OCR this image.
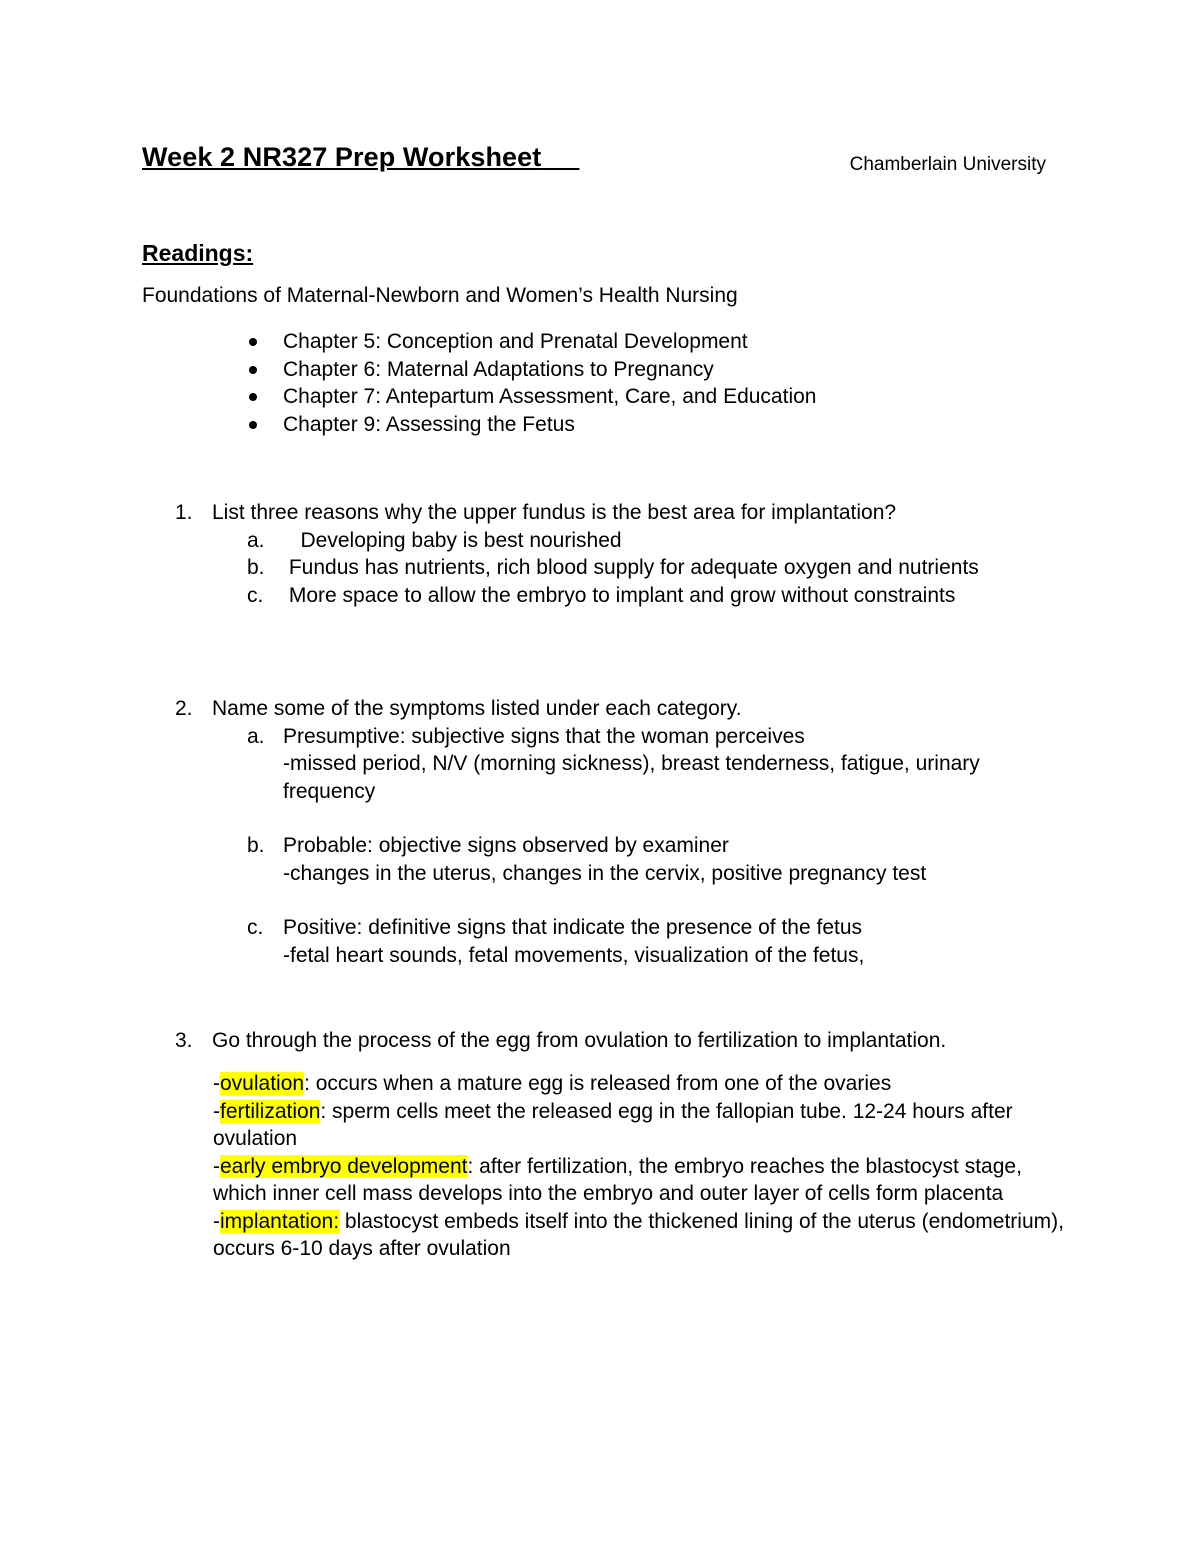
Week 2 NR327 Prep Worksheet	Chamberlain University
Readings:
Foundations of Maternal-Newborn and Women’s Health Nursing
Chapter 5: Conception and Prenatal Development
Chapter 6: Maternal Adaptations to Pregnancy
Chapter 7: Antepartum Assessment, Care, and Education
Chapter 9: Assessing the Fetus
1. List three reasons why the upper fundus is the best area for implantation?
a.	Developing baby is best nourished
b. Fundus has nutrients, rich blood supply for adequate oxygen and nutrients
c. More space to allow the embryo to implant and grow without constraints
2. Name some of the symptoms listed under each category.
a. Presumptive: subjective signs that the woman perceives
-missed period, N/V (morning sickness), breast tenderness, fatigue, urinary frequency
b. Probable: objective signs observed by examiner
-changes in the uterus, changes in the cervix, positive pregnancy test
c. Positive: definitive signs that indicate the presence of the fetus
-fetal heart sounds, fetal movements, visualization of the fetus,
3. Go through the process of the egg from ovulation to fertilization to implantation.

-ovulation: occurs when a mature egg is released from one of the ovaries

-fertilization: sperm cells meet the released egg in the fallopian tube. 12-24 hours after ovulation

-early embryo development: after fertilization, the embryo reaches the blastocyst stage, which inner cell mass develops into the embryo and outer layer of cells form placenta

-implantation: blastocyst embeds itself into the thickened lining of the uterus (endometrium), occurs 6-10 days after ovulation
